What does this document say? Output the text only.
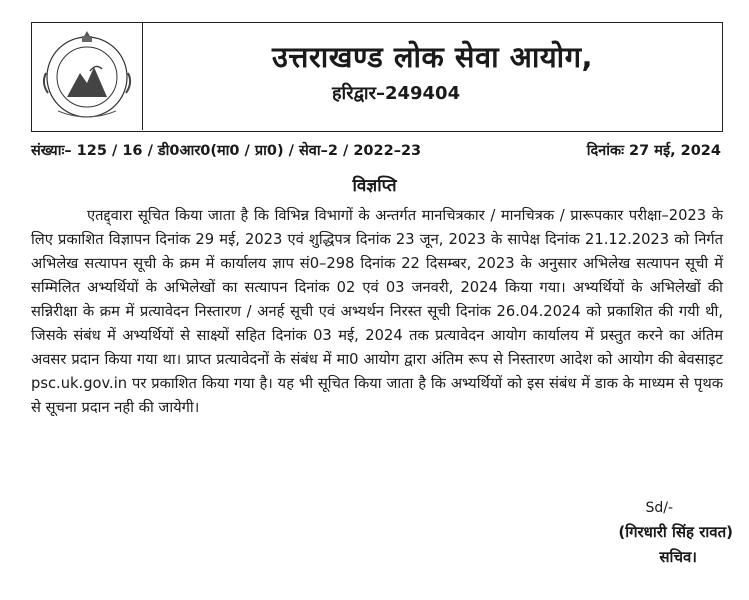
उत्तराखण्ड लोक सेवा आयोग,
हरिद्वार–249404
संख्याः– 125 / 16 / डी0आर0(मा0 / प्रा0) / सेवा–2 / 2022–23	दिनांकः 27 मई, 2024
विज्ञप्ति

एतद्द्वारा सूचित किया जाता है कि विभिन्न विभागों के अन्तर्गत मानचित्रकार / मानचित्रक / प्रारूपकार परीक्षा–2023 के लिए प्रकाशित विज्ञापन दिनांक 29 मई, 2023 एवं शुद्धिपत्र दिनांक 23 जून, 2023 के सापेक्ष दिनांक 21.12.2023 को निर्गत अभिलेख सत्यापन सूची के क्रम में कार्यालय ज्ञाप सं0–298 दिनांक 22 दिसम्बर, 2023 के अनुसार अभिलेख सत्यापन सूची में सम्मिलित अभ्यर्थियों के अभिलेखों का सत्यापन दिनांक 02 एवं 03 जनवरी, 2024 किया गया। अभ्यर्थियों के अभिलेखों की सन्निरीक्षा के क्रम में प्रत्यावेदन निस्तारण / अनर्ह सूची एवं अभ्यर्थन निरस्त सूची दिनांक 26.04.2024 को प्रकाशित की गयी थी, जिसके संबंध में अभ्यर्थियों से साक्ष्यों सहित दिनांक 03 मई, 2024 तक प्रत्यावेदन आयोग कार्यालय में प्रस्तुत करने का अंतिम अवसर प्रदान किया गया था। प्राप्त प्रत्यावेदनों के संबंध में मा0 आयोग द्वारा अंतिम रूप से निस्तारण आदेश को आयोग की बेवसाइट psc.uk.gov.in पर प्रकाशित किया गया है। यह भी सूचित किया जाता है कि अभ्यर्थियों को इस संबंध में डाक के माध्यम से पृथक से सूचना प्रदान नही की जायेगी।

Sd/-
(गिरधारी सिंह रावत)
सचिव।
